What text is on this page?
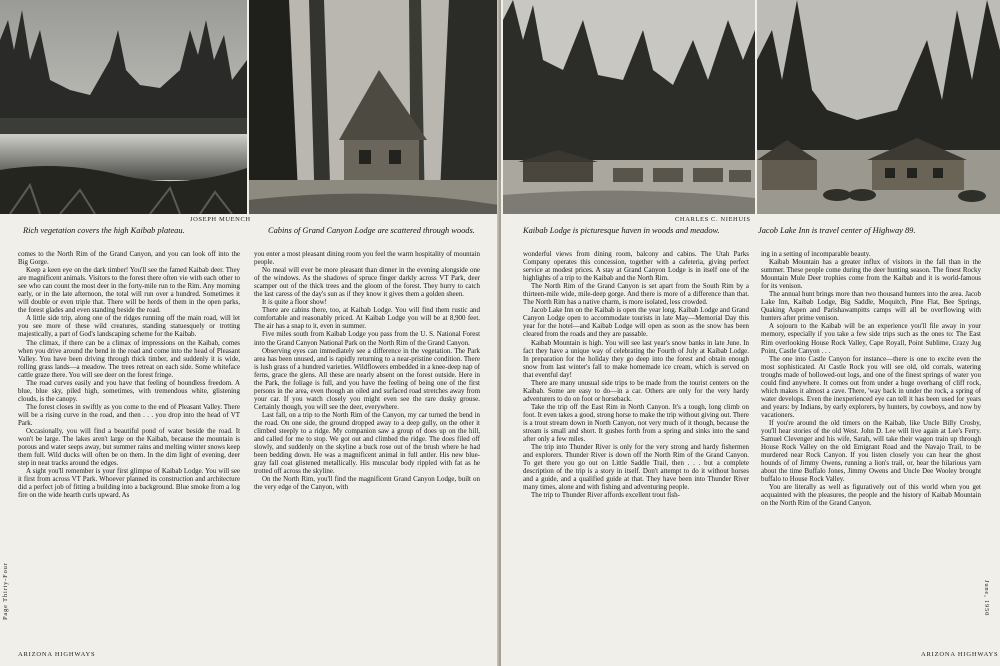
JOSEPH MUENCH
Rich vegetation covers the high Kaibab plateau.	Cabins of Grand Canyon Lodge are scattered through woods.

comes to the North Rim of the Grand Canyon, and you can look off into the Big Gorge.

Keep a keen eye on the dark timber! You'll see the famed Kaibab deer. They are magnificent animals. Visitors to the forest there often vie with each other to see who can count the most deer in the forty-mile run to the Rim. Any morning early, or in the late afternoon, the total will run over a hundred. Sometimes it will double or even triple that. There will be herds of them in the open parks, the forest glades and even standing beside the road.

A little side trip, along one of the ridges running off the main road, will let you see more of these wild creatures, standing statuesquely or trotting majestically, a part of God's landscaping scheme for the Kaibab.

The climax, if there can be a climax of impressions on the Kaibab, comes when you drive around the bend in the road and come into the head of Pleasant Valley. You have been driving through thick timber, and suddenly it is wide, rolling grass lands—a meadow. The trees retreat on each side. Some whiteface cattle graze there. You will see deer on the forest fringe.

The road curves easily and you have that feeling of boundless freedom. A blue, blue sky, piled high, sometimes, with tremendous white, glistening clouds, is the canopy.

The forest closes in swiftly as you come to the end of Pleasant Valley. There will be a rising curve in the road, and then . . . you drop into the head of VT Park.

Occasionally, you will find a beautiful pond of water beside the road. It won't be large. The lakes aren't large on the Kaibab, because the mountain is porous and water seeps away, but summer rains and melting winter snows keep them full. Wild ducks will often be on them. In the dim light of evening, deer step in neat tracks around the edges.

A sight you'll remember is your first glimpse of Kaibab Lodge. You will see it first from across VT Park. Whoever planned its construction and architecture did a perfect job of fitting a building into a background. Blue smoke from a log fire on the wide hearth curls upward. As

you enter a most pleasant dining room you feel the warm hospitality of mountain people.

No meal will ever be more pleasant than dinner in the evening alongside one of the windows. As the shadows of spruce finger darkly across VT Park, deer scamper out of the thick trees and the gloom of the forest. They hurry to catch the last caress of the day's sun as if they know it gives them a golden sheen.

It is quite a floor show!

There are cabins there, too, at Kaibab Lodge. You will find them rustic and comfortable and reasonably priced. At Kaibab Lodge you will be at 8,900 feet. The air has a snap to it, even in summer.

Five miles south from Kaibab Lodge you pass from the U. S. National Forest into the Grand Canyon National Park on the North Rim of the Grand Canyon.

Observing eyes can immediately see a difference in the vegetation. The Park area has been unused, and is rapidly returning to a near-pristine condition. There is lush grass of a hundred varieties. Wildflowers embedded in a knee-deep nap of ferns, grace the glens. All these are nearly absent on the forest outside. Here in the Park, the foliage is full, and you have the feeling of being one of the first persons in the area, even though an oiled and surfaced road stretches away from your car. If you watch closely you might even see the rare dusky grouse. Certainly though, you will see the deer, everywhere.

Last fall, on a trip to the North Rim of the Canyon, my car turned the bend in the road. On one side, the ground dropped away to a deep gully, on the other it climbed steeply to a ridge. My companion saw a group of does up on the hill, and called for me to stop. We got out and climbed the ridge. The does filed off slowly, and suddenly on the skyline a buck rose out of the brush where he had been bedding down. He was a magnificent animal in full antler. His new blue-gray fall coat glistened metallically. His muscular body rippled with fat as he trotted off across the skyline.

On the North Rim, you'll find the magnificent Grand Canyon Lodge, built on the very edge of the Canyon, with

Page Thirty-Four
ARIZONA HIGHWAYS
CHARLES C. NIEHUIS
Kaibab Lodge is picturesque haven in woods and meadow.	Jacob Lake Inn is travel center of Highway 89.

wonderful views from dining room, balcony and cabins. The Utah Parks Company operates this concession, together with a cafeteria, giving perfect service at modest prices. A stay at Grand Canyon Lodge is in itself one of the highlights of a trip to the Kaibab and the North Rim.

The North Rim of the Grand Canyon is set apart from the South Rim by a thirteen-mile wide, mile-deep gorge. And there is more of a difference than that. The North Rim has a native charm, is more isolated, less crowded.

Jacob Lake Inn on the Kaibab is open the year long. Kaibab Lodge and Grand Canyon Lodge open to accommodate tourists in late May—Memorial Day this year for the hotel—and Kaibab Lodge will open as soon as the snow has been cleared from the roads and they are passable.

Kaibab Mountain is high. You will see last year's snow banks in late June. In fact they have a unique way of celebrating the Fourth of July at Kaibab Lodge. In preparation for the holiday they go deep into the forest and obtain enough snow from last winter's fall to make homemade ice cream, which is served on that eventful day!

There are many unusual side trips to be made from the tourist centers on the Kaibab. Some are easy to do—in a car. Others are only for the very hardy adventurers to do on foot or horseback.

Take the trip off the East Rim in North Canyon. It's a tough, long climb on foot. It even takes a good, strong horse to make the trip without giving out. There is a trout stream down in North Canyon, not very much of it though, because the stream is small and short. It gushes forth from a spring and sinks into the sand after only a few miles.

The trip into Thunder River is only for the very strong and hardy fishermen and explorers. Thunder River is down off the North Rim of the Grand Canyon. To get there you go out on Little Saddle Trail, then . . . but a complete description of the trip is a story in itself. Don't attempt to do it without horses and a guide, and a qualified guide at that. They have been into Thunder River many times, alone and with fishing and adventuring people.

The trip to Thunder River affords excellent trout fish-

ing in a setting of incomparable beauty.

Kaibab Mountain has a greater influx of visitors in the fall than in the summer. These people come during the deer hunting season. The finest Rocky Mountain Mule Deer trophies come from the Kaibab and it is world-famous for its venison.

The annual hunt brings more than two thousand hunters into the area. Jacob Lake Inn, Kaibab Lodge, Big Saddle, Moquitch, Pine Flat, Bee Springs, Quaking Aspen and Parishawampitts camps will all be overflowing with hunters after prime venison.

A sojourn to the Kaibab will be an experience you'll file away in your memory, especially if you take a few side trips such as the ones to: The East Rim overlooking House Rock Valley, Cape Royall, Point Sublime, Crazy Jug Point, Castle Canyon . . .

The one into Castle Canyon for instance—there is one to excite even the most sophisticated. At Castle Rock you will see old, old corrals, watering troughs made of hollowed-out logs, and one of the finest springs of water you could find anywhere. It comes out from under a huge overhang of cliff rock, which makes it almost a cave. There, 'way back in under the rock, a spring of water develops. Even the inexperienced eye can tell it has been used for years and years: by Indians, by early explorers, by hunters, by cowboys, and now by vacationers.

If you're around the old timers on the Kaibab, like Uncle Billy Crosby, you'll hear stories of the old West. John D. Lee will live again at Lee's Ferry. Samuel Clevenger and his wife, Sarah, will take their wagon train up through House Rock Valley on the old Emigrant Road and the Navajo Trail, to be murdered near Rock Canyon. If you listen closely you can hear the ghost hounds of of Jimmy Owens, running a lion's trail, or, hear the hilarious yarn about the time Buffalo Jones, Jimmy Owens and Uncle Dee Wooley brought buffalo to House Rock Valley.

You are literally as well as figuratively out of this world when you get acquainted with the pleasures, the people and the history of Kaibab Mountain on the North Rim of the Grand Canyon.

June, 1950
ARIZONA HIGHWAYS
